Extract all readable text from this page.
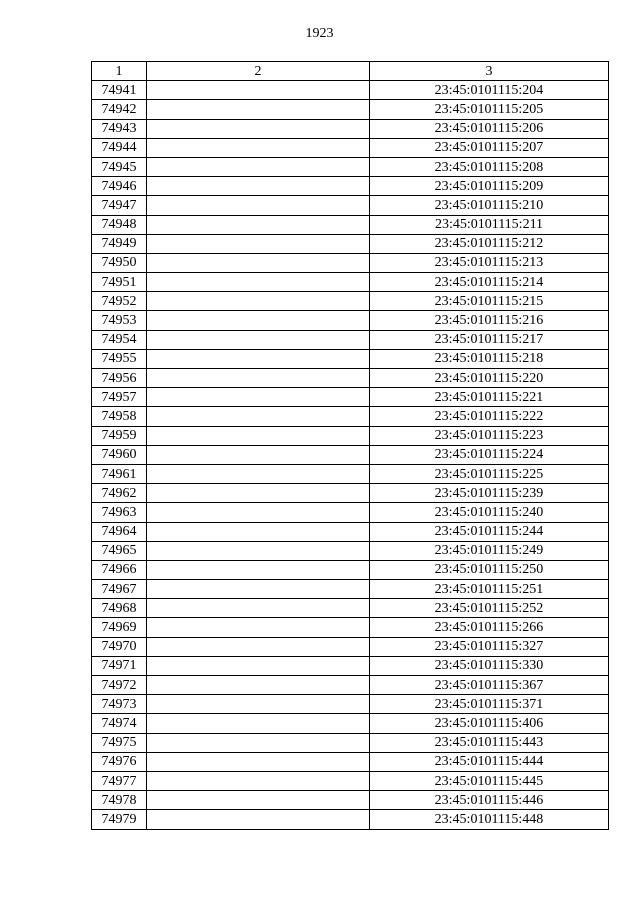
1923
1	2	3
74941		23:45:0101115:204
74942		23:45:0101115:205
74943		23:45:0101115:206
74944		23:45:0101115:207
74945		23:45:0101115:208
74946		23:45:0101115:209
74947		23:45:0101115:210
74948		23:45:0101115:211
74949		23:45:0101115:212
74950		23:45:0101115:213
74951		23:45:0101115:214
74952		23:45:0101115:215
74953		23:45:0101115:216
74954		23:45:0101115:217
74955		23:45:0101115:218
74956		23:45:0101115:220
74957		23:45:0101115:221
74958		23:45:0101115:222
74959		23:45:0101115:223
74960		23:45:0101115:224
74961		23:45:0101115:225
74962		23:45:0101115:239
74963		23:45:0101115:240
74964		23:45:0101115:244
74965		23:45:0101115:249
74966		23:45:0101115:250
74967		23:45:0101115:251
74968		23:45:0101115:252
74969		23:45:0101115:266
74970		23:45:0101115:327
74971		23:45:0101115:330
74972		23:45:0101115:367
74973		23:45:0101115:371
74974		23:45:0101115:406
74975		23:45:0101115:443
74976		23:45:0101115:444
74977		23:45:0101115:445
74978		23:45:0101115:446
74979		23:45:0101115:448
